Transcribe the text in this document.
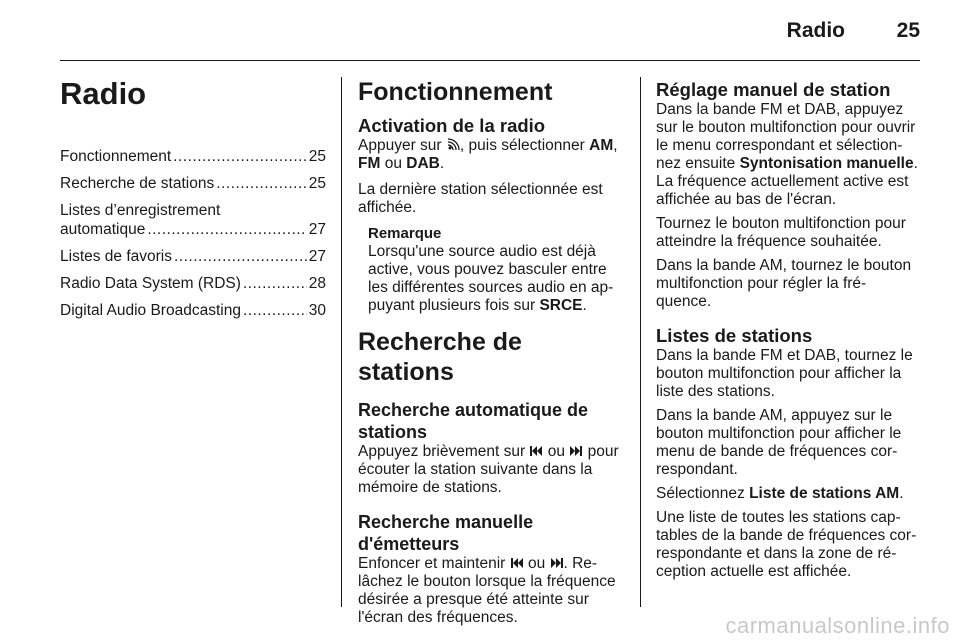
Radio 25
Radio
Fonctionnement .....	25
Recherche de stations .....	25
Listes d’enregistrement
automatique .....	27
Listes de favoris .....	27
Radio Data System (RDS) .....	28
Digital Audio Broadcasting .....	30
Fonctionnement
Activation de la radio

Appuyer sur , puis sélectionner AM,
FM ou DAB.

La dernière station sélectionnée est affichée.

Remarque

Lorsqu'une source audio est déjà active, vous pouvez basculer entre les différentes sources audio en ap-puyant plusieurs fois sur SRCE.

Recherche de stations
Recherche automatique de stations

Appuyez brièvement sur  ou  pour écouter la station suivante dans la mémoire de stations.

Recherche manuelle d'émetteurs

Enfoncer et maintenir  ou . Re-lâchez le bouton lorsque la fréquence désirée a presque été atteinte sur l'écran des fréquences.

Réglage manuel de station

Dans la bande FM et DAB, appuyez sur le bouton multifonction pour ouvrir le menu correspondant et sélection-nez ensuite Syntonisation manuelle. La fréquence actuellement active est affichée au bas de l'écran.

Tournez le bouton multifonction pour atteindre la fréquence souhaitée.

Dans la bande AM, tournez le bouton multifonction pour régler la fré-quence.

Listes de stations

Dans la bande FM et DAB, tournez le bouton multifonction pour afficher la liste des stations.

Dans la bande AM, appuyez sur le bouton multifonction pour afficher le menu de bande de fréquences cor-respondant.

Sélectionnez Liste de stations AM.

Une liste de toutes les stations cap-tables de la bande de fréquences cor-respondante et dans la zone de ré-ception actuelle est affichée.

carmanualsonline.info
